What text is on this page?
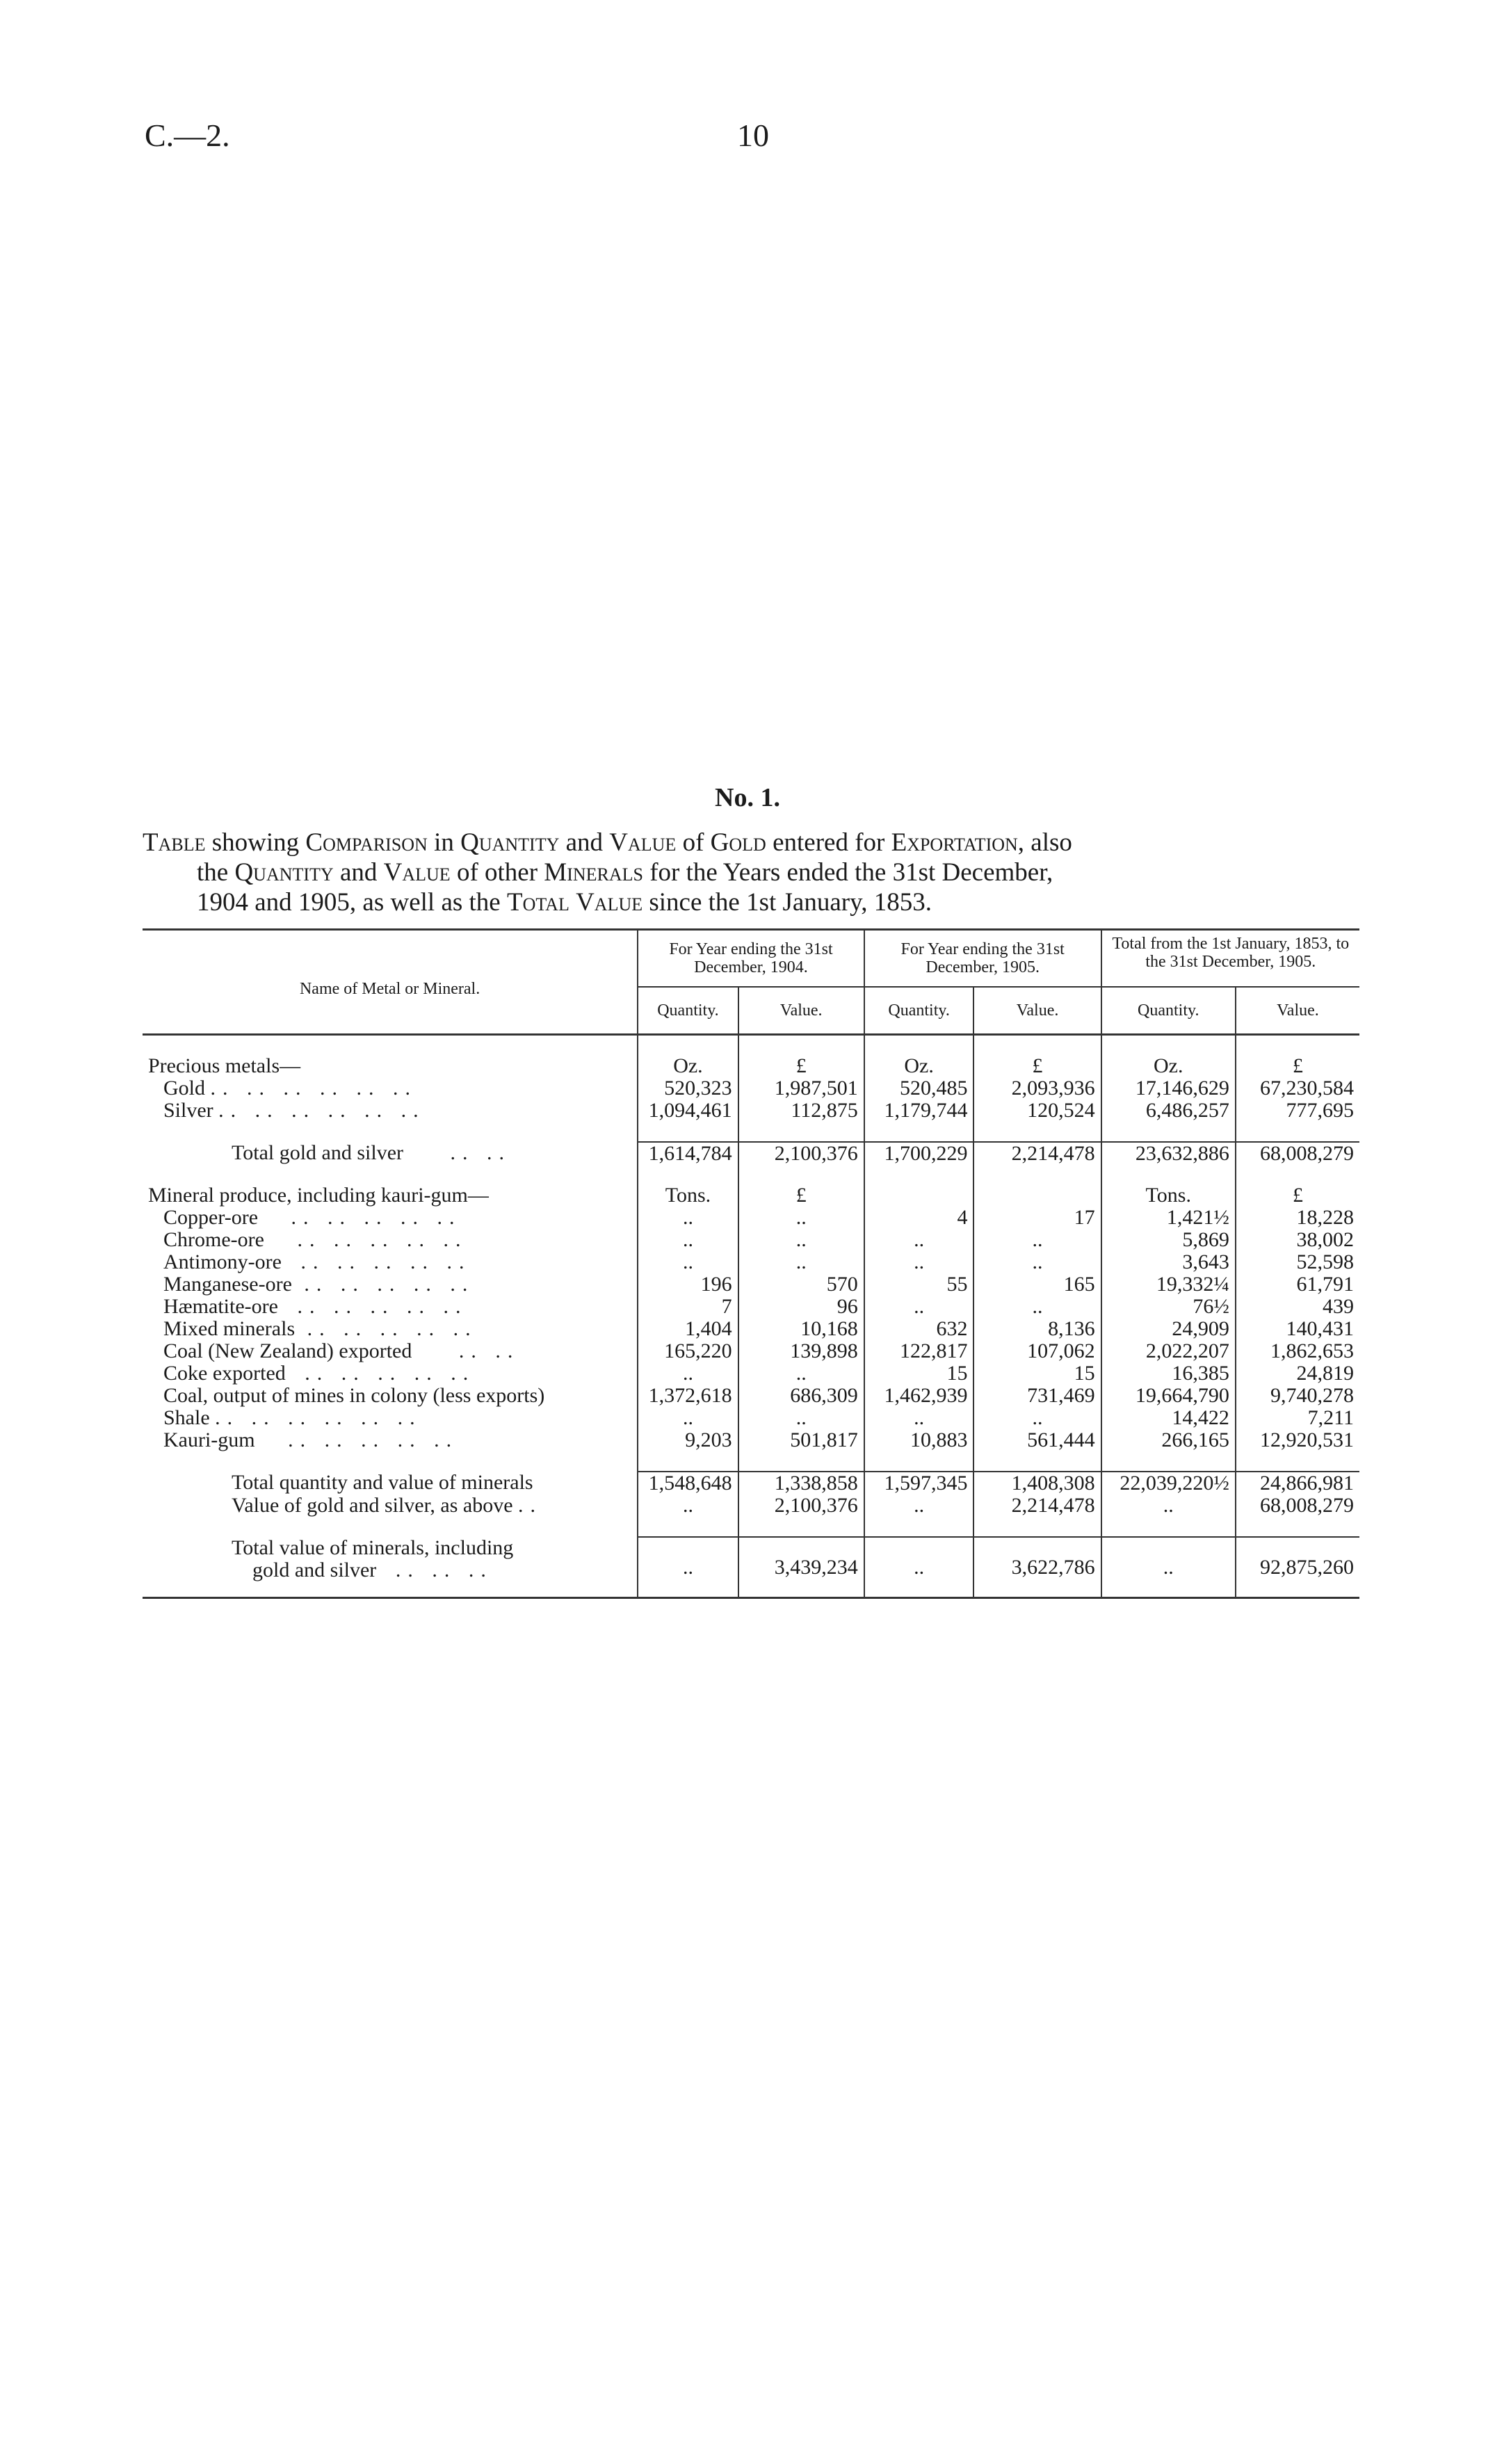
C.—2.	10
No. 1.
Table showing Comparison in Quantity and Value of Gold entered for Exportation, also
the Quantity and Value of other Minerals for the Years ended the 31st December,
1904 and 1905, as well as the Total Value since the 1st January, 1853.
Name of Metal or Mineral.	For Year ending the 31st December, 1904.		For Year ending the 31st December, 1905.		Total from the 1st January, 1853, to the 31st December, 1905.	
	Quantity.	Value.	Quantity.	Value.	Quantity.	Value.

Precious metals—	Oz.	£	Oz.	£	Oz.	£
Gold .. .. .. .. .. ..	520,323	1,987,501	520,485	2,093,936	17,146,629	67,230,584
Silver .. .. .. .. .. ..	1,094,461	112,875	1,179,744	120,524	6,486,257	777,695

Total gold and silver .. ..	1,614,784	2,100,376	1,700,229	2,214,478	23,632,886	68,008,279

Mineral produce, including kauri-gum—	Tons.	£			Tons.	£
Copper-ore .. .. .. .. ..	..	..	4	17	1,421½	18,228
Chrome-ore .. .. .. .. ..	..	..	..	..	5,869	38,002
Antimony-ore .. .. .. .. ..	..	..	..	..	3,643	52,598
Manganese-ore .. .. .. .. ..	196	570	55	165	19,332¼	61,791
Hæmatite-ore .. .. .. .. ..	7	96	..	..	76½	439
Mixed minerals .. .. .. .. ..	1,404	10,168	632	8,136	24,909	140,431
Coal (New Zealand) exported .. ..	165,220	139,898	122,817	107,062	2,022,207	1,862,653
Coke exported .. .. .. .. ..	..	..	15	15	16,385	24,819
Coal, output of mines in colony (less exports)	1,372,618	686,309	1,462,939	731,469	19,664,790	9,740,278
Shale .. .. .. .. .. ..	..	..	..	..	14,422	7,211
Kauri-gum .. .. .. .. ..	9,203	501,817	10,883	561,444	266,165	12,920,531

Total quantity and value of minerals	1,548,648	1,338,858	1,597,345	1,408,308	22,039,220½	24,866,981
Value of gold and silver, as above ..	..	2,100,376	..	2,214,478	..	68,008,279

Total value of minerals, including
gold and silver .. .. ..	..	3,439,234	..	3,622,786	..	92,875,260
